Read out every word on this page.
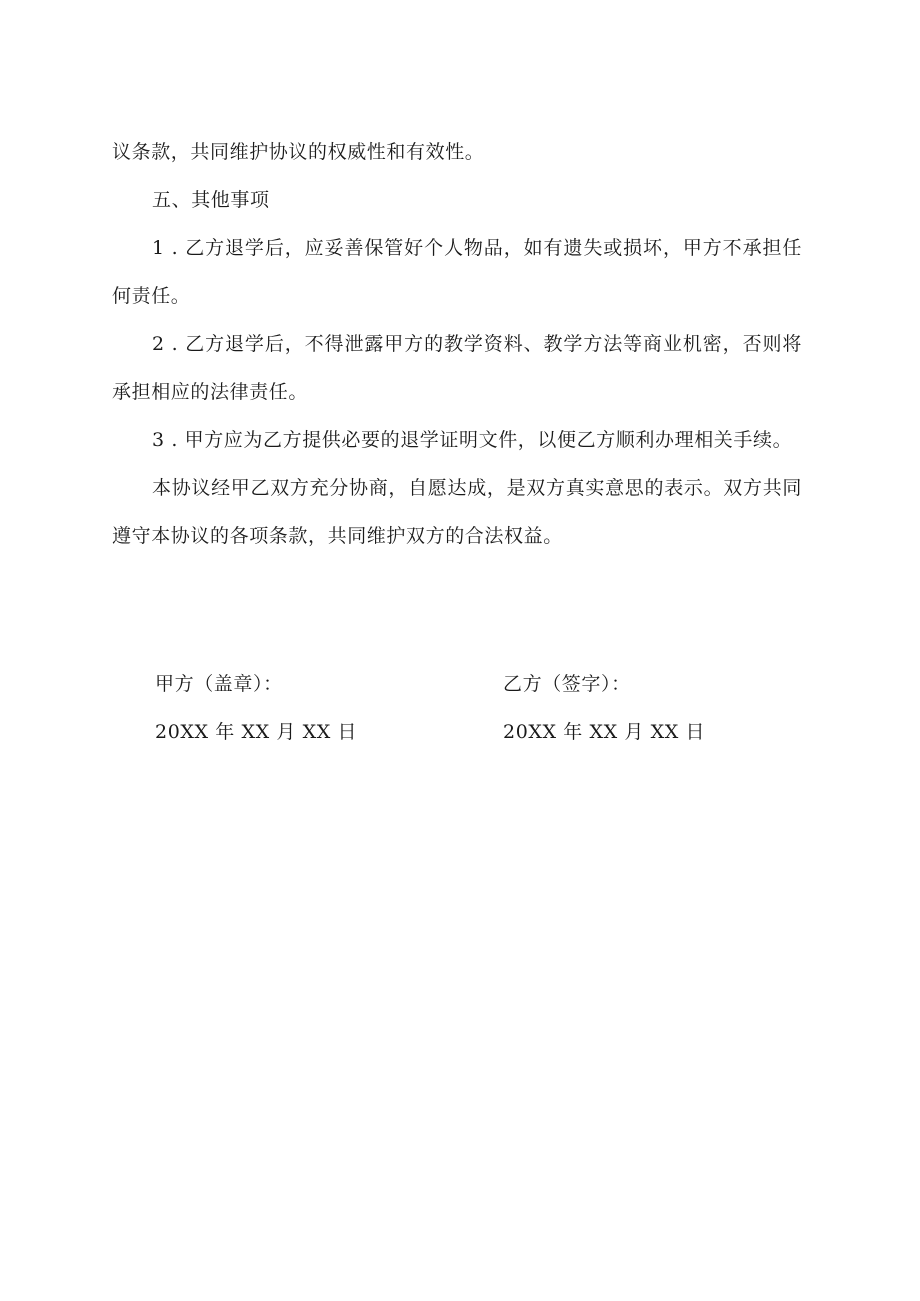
议条款，共同维护协议的权威性和有效性。

五、其他事项

1 . 乙方退学后，应妥善保管好个人物品，如有遗失或损坏，甲方不承担任何责任。

2 . 乙方退学后，不得泄露甲方的教学资料、教学方法等商业机密，否则将承担相应的法律责任。

3 . 甲方应为乙方提供必要的退学证明文件，以便乙方顺利办理相关手续。

本协议经甲乙双方充分协商，自愿达成，是双方真实意思的表示。双方共同遵守本协议的各项条款，共同维护双方的合法权益。

甲方（盖章）：
20XX 年 XX 月 XX 日
乙方（签字）：
20XX 年 XX 月 XX 日
